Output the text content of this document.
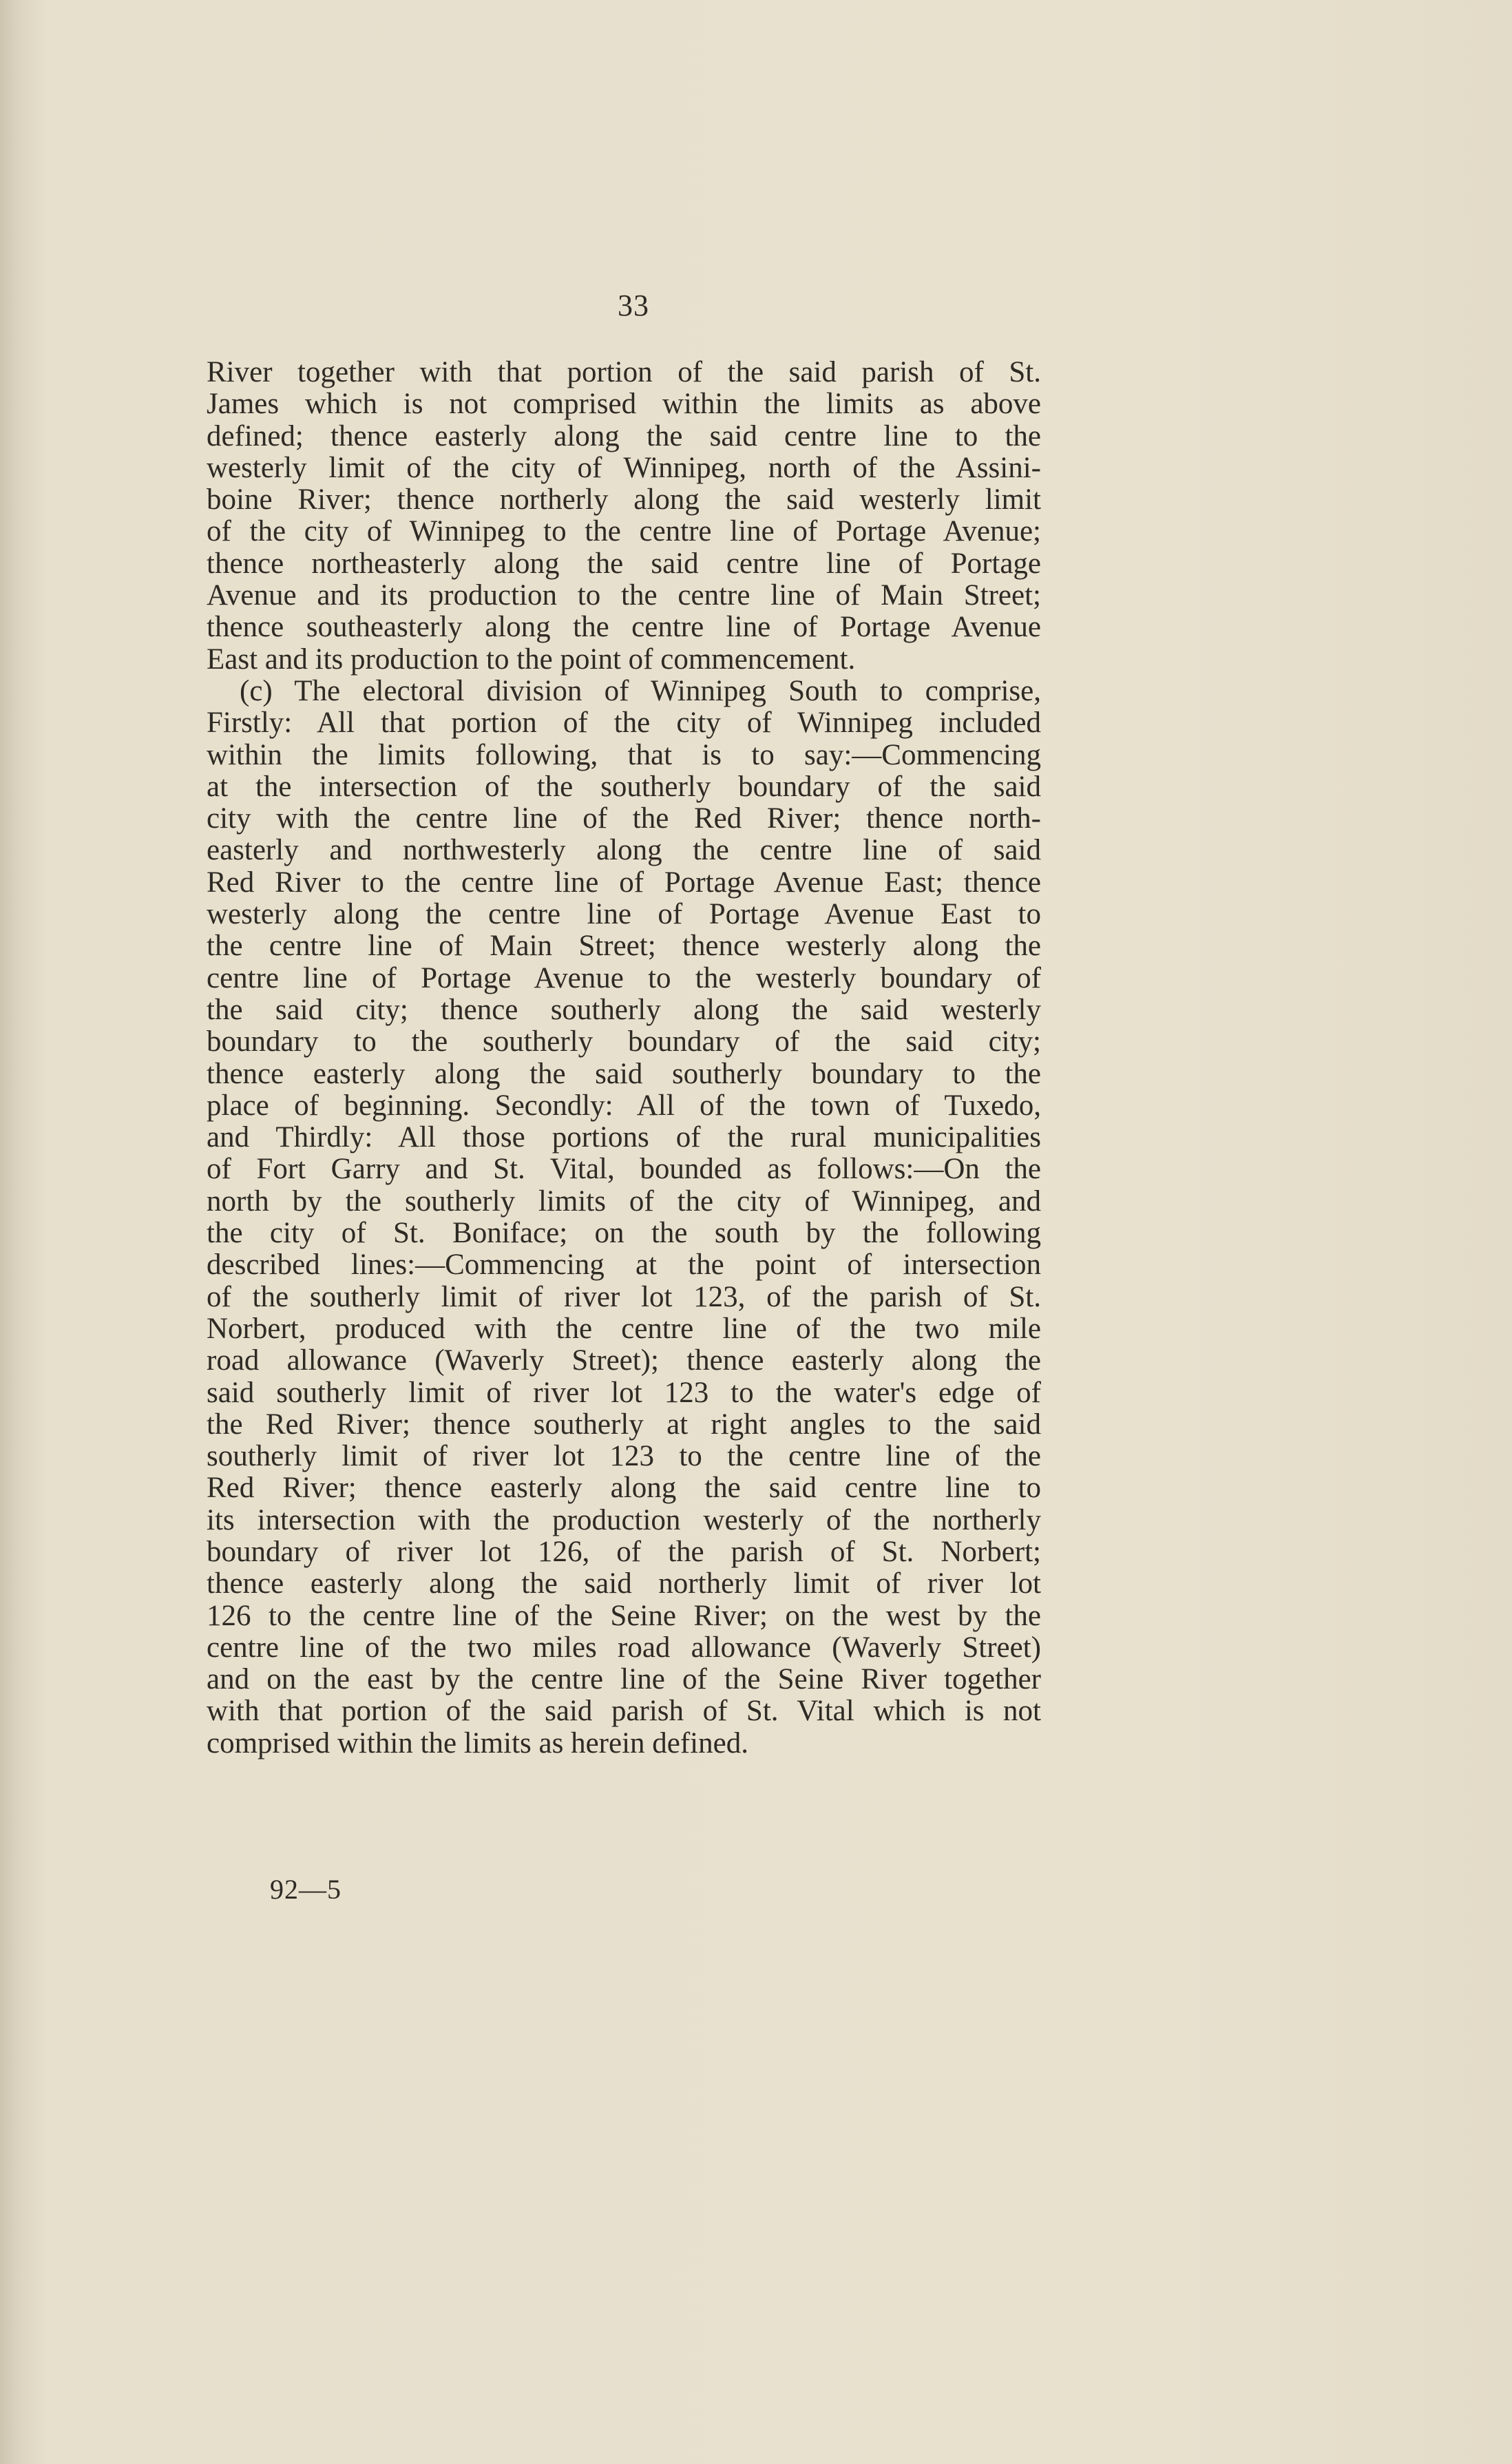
33
River together with that portion of the said parish of St.
James which is not comprised within the limits as above
defined; thence easterly along the said centre line to the
westerly limit of the city of Winnipeg, north of the Assini-
boine River; thence northerly along the said westerly limit
of the city of Winnipeg to the centre line of Portage Avenue;
thence northeasterly along the said centre line of Portage
Avenue and its production to the centre line of Main Street;
thence southeasterly along the centre line of Portage Avenue
East and its production to the point of commencement.
(c) The electoral division of Winnipeg South to comprise,
Firstly: All that portion of the city of Winnipeg included
within the limits following, that is to say:—Commencing
at the intersection of the southerly boundary of the said
city with the centre line of the Red River; thence north-
easterly and northwesterly along the centre line of said
Red River to the centre line of Portage Avenue East; thence
westerly along the centre line of Portage Avenue East to
the centre line of Main Street; thence westerly along the
centre line of Portage Avenue to the westerly boundary of
the said city; thence southerly along the said westerly
boundary to the southerly boundary of the said city;
thence easterly along the said southerly boundary to the
place of beginning. Secondly: All of the town of Tuxedo,
and Thirdly: All those portions of the rural municipalities
of Fort Garry and St. Vital, bounded as follows:—On the
north by the southerly limits of the city of Winnipeg, and
the city of St. Boniface; on the south by the following
described lines:—Commencing at the point of intersection
of the southerly limit of river lot 123, of the parish of St.
Norbert, produced with the centre line of the two mile
road allowance (Waverly Street); thence easterly along the
said southerly limit of river lot 123 to the water's edge of
the Red River; thence southerly at right angles to the said
southerly limit of river lot 123 to the centre line of the
Red River; thence easterly along the said centre line to
its intersection with the production westerly of the northerly
boundary of river lot 126, of the parish of St. Norbert;
thence easterly along the said northerly limit of river lot
126 to the centre line of the Seine River; on the west by the
centre line of the two miles road allowance (Waverly Street)
and on the east by the centre line of the Seine River together
with that portion of the said parish of St. Vital which is not
comprised within the limits as herein defined.
92—5
